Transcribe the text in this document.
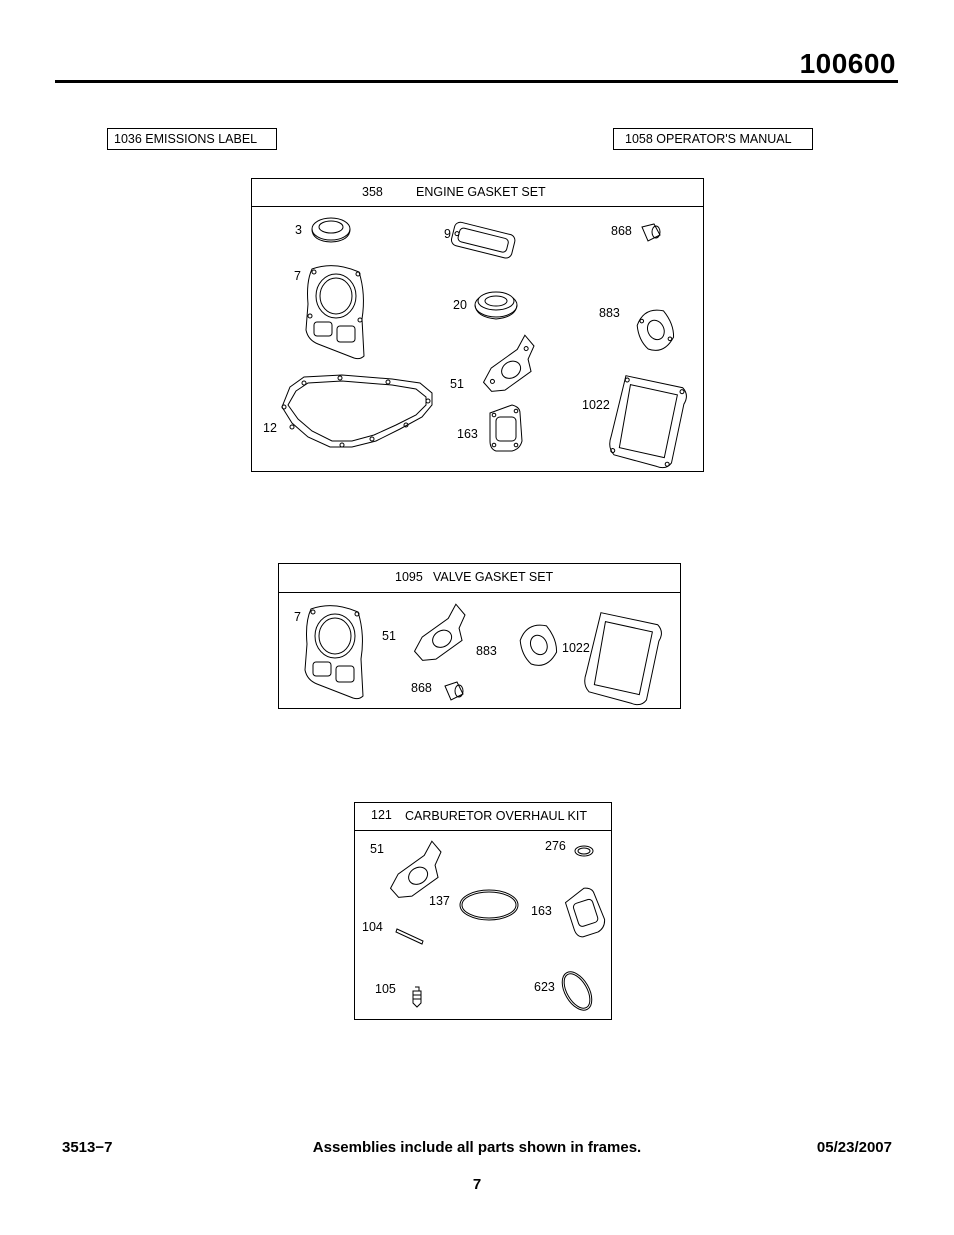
100600
1036 EMISSIONS LABEL	1058 OPERATOR'S MANUAL
358	ENGINE GASKET SET
3	9	868
7
20
883
51
1022
12	163
1095 VALVE GASKET SET
7
51
883	1022
868
121 CARBURETOR OVERHAUL KIT
51	276
137
163
104
105	623
3513−7	Assemblies include all parts shown in frames.	05/23/2007
7
